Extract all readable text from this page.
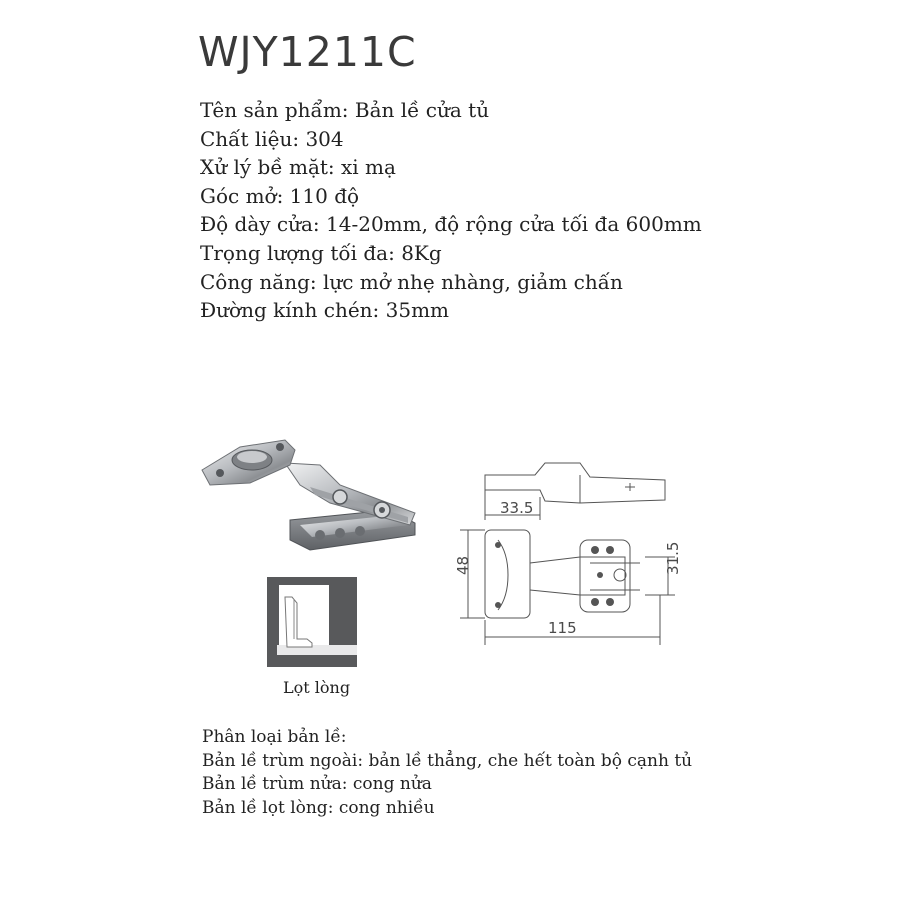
WJY1211C
Tên sản phẩm: Bản lề cửa tủ
Chất liệu: 304
Xử lý bề mặt: xi mạ
Góc mở: 110 độ
Độ dày cửa: 14-20mm, độ rộng cửa tối đa 600mm
Trọng lượng tối đa: 8Kg
Công năng: lực mở nhẹ nhàng, giảm chấn
Đường kính chén: 35mm
33.5
48	31.5
115
Lọt lòng
Phân loại bản lề:
Bản lề trùm ngoài: bản lề thẳng, che hết toàn bộ cạnh tủ
Bản lề trùm nửa: cong nửa
Bản lề lọt lòng: cong nhiều
